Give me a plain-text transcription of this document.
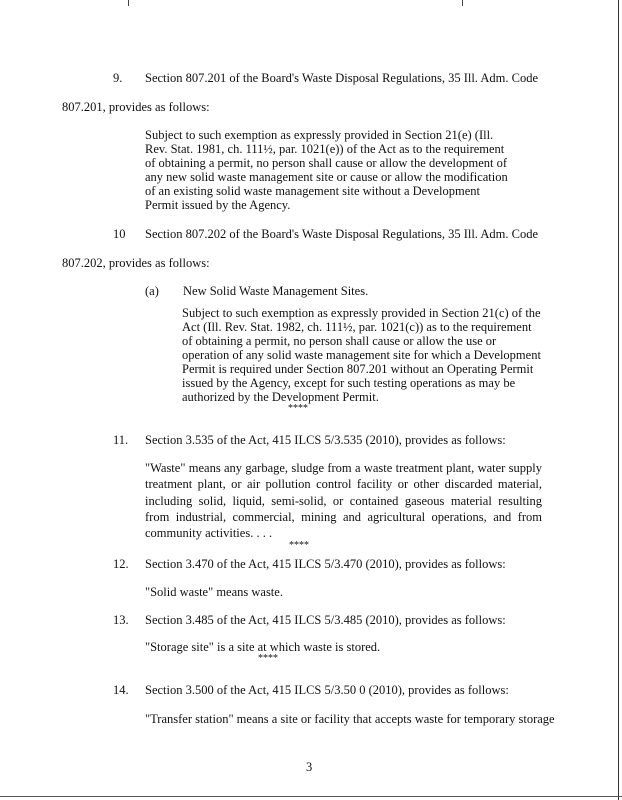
9. Section 807.201 of the Board's Waste Disposal Regulations, 35 Ill. Adm. Code
807.201, provides as follows:
Subject to such exemption as expressly provided in Section 21(e) (Ill. Rev. Stat. 1981, ch. 111½, par. 1021(e)) of the Act as to the requirement of obtaining a permit, no person shall cause or allow the development of any new solid waste management site or cause or allow the modification of an existing solid waste management site without a Development Permit issued by the Agency.
10 Section 807.202 of the Board's Waste Disposal Regulations, 35 Ill. Adm. Code
807.202, provides as follows:
(a) New Solid Waste Management Sites.
Subject to such exemption as expressly provided in Section 21(c) of the Act (Ill. Rev. Stat. 1982, ch. 111½, par. 1021(c)) as to the requirement of obtaining a permit, no person shall cause or allow the use or operation of any solid waste management site for which a Development Permit is required under Section 807.201 without an Operating Permit issued by the Agency, except for such testing operations as may be authorized by the Development Permit.
****
11. Section 3.535 of the Act, 415 ILCS 5/3.535 (2010), provides as follows:
"Waste" means any garbage, sludge from a waste treatment plant, water supply treatment plant, or air pollution control facility or other discarded material, including solid, liquid, semi-solid, or contained gaseous material resulting from industrial, commercial, mining and agricultural operations, and from community activities. . . .
****
12. Section 3.470 of the Act, 415 ILCS 5/3.470 (2010), provides as follows:
"Solid waste" means waste.
13. Section 3.485 of the Act, 415 ILCS 5/3.485 (2010), provides as follows:
"Storage site" is a site at which waste is stored.
****
14. Section 3.500 of the Act, 415 ILCS 5/3.50 0 (2010), provides as follows:
"Transfer station" means a site or facility that accepts waste for temporary storage
3
